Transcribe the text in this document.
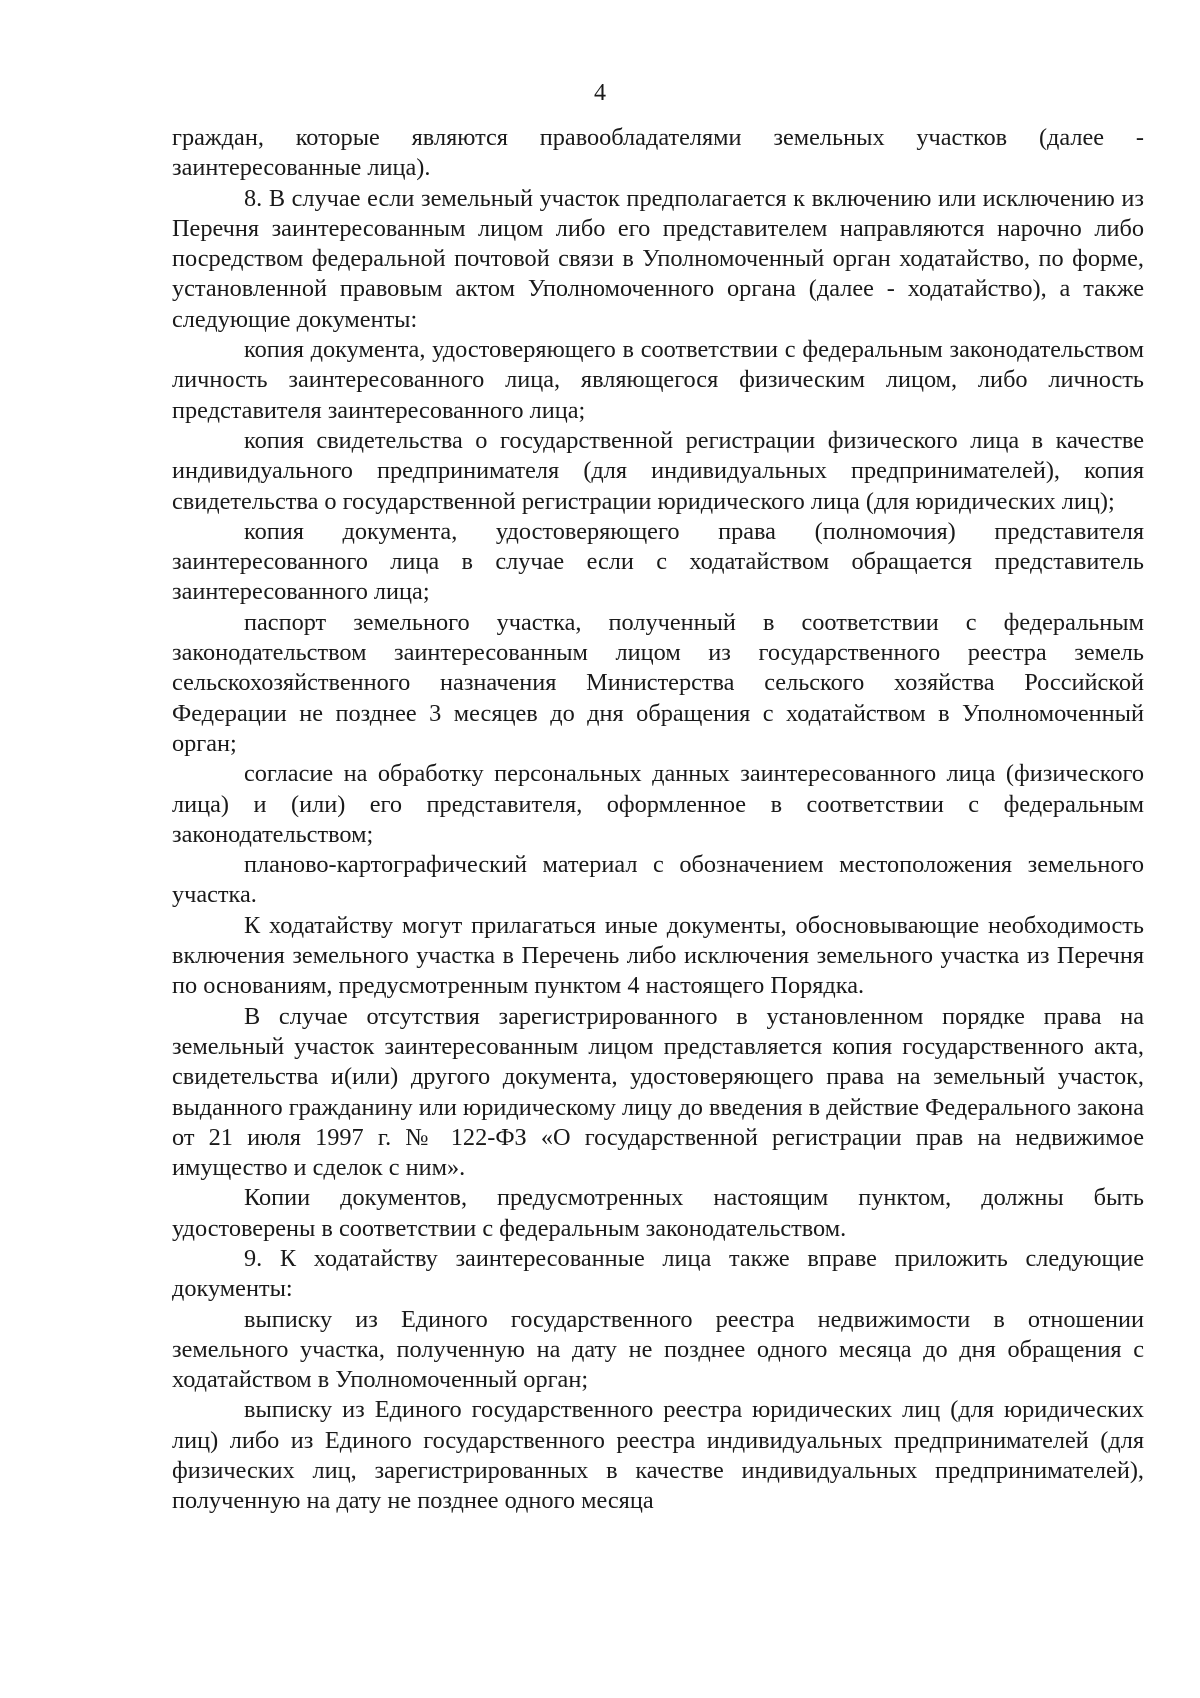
4

граждан, которые являются правообладателями земельных участков (далее - заинтересованные лица).

8. В случае если земельный участок предполагается к включению или исключению из Перечня заинтересованным лицом либо его представителем направляются нарочно либо посредством федеральной почтовой связи в Уполномоченный орган ходатайство, по форме, установленной правовым актом Уполномоченного органа (далее - ходатайство), а также следующие документы:

копия документа, удостоверяющего в соответствии с федеральным законодательством личность заинтересованного лица, являющегося физическим лицом, либо личность представителя заинтересованного лица;

копия свидетельства о государственной регистрации физического лица в качестве индивидуального предпринимателя (для индивидуальных предпринимателей), копия свидетельства о государственной регистрации юридического лица (для юридических лиц);

копия документа, удостоверяющего права (полномочия) представителя заинтересованного лица в случае если с ходатайством обращается представитель заинтересованного лица;

паспорт земельного участка, полученный в соответствии с федеральным законодательством заинтересованным лицом из государственного реестра земель сельскохозяйственного назначения Министерства сельского хозяйства Российской Федерации не позднее 3 месяцев до дня обращения с ходатайством в Уполномоченный орган;

согласие на обработку персональных данных заинтересованного лица (физического лица) и (или) его представителя, оформленное в соответствии с федеральным законодательством;

планово-картографический материал с обозначением местоположения земельного участка.

К ходатайству могут прилагаться иные документы, обосновывающие необходимость включения земельного участка в Перечень либо исключения земельного участка из Перечня по основаниям, предусмотренным пунктом 4 настоящего Порядка.

В случае отсутствия зарегистрированного в установленном порядке права на земельный участок заинтересованным лицом представляется копия государственного акта, свидетельства и(или) другого документа, удостоверяющего права на земельный участок, выданного гражданину или юридическому лицу до введения в действие Федерального закона от 21 июля 1997 г. № 122-ФЗ «О государственной регистрации прав на недвижимое имущество и сделок с ним».

Копии документов, предусмотренных настоящим пунктом, должны быть удостоверены в соответствии с федеральным законодательством.

9. К ходатайству заинтересованные лица также вправе приложить следующие документы:

выписку из Единого государственного реестра недвижимости в отношении земельного участка, полученную на дату не позднее одного месяца до дня обращения с ходатайством в Уполномоченный орган;

выписку из Единого государственного реестра юридических лиц (для юридических лиц) либо из Единого государственного реестра индивидуальных предпринимателей (для физических лиц, зарегистрированных в качестве индивидуальных предпринимателей), полученную на дату не позднее одного месяца
